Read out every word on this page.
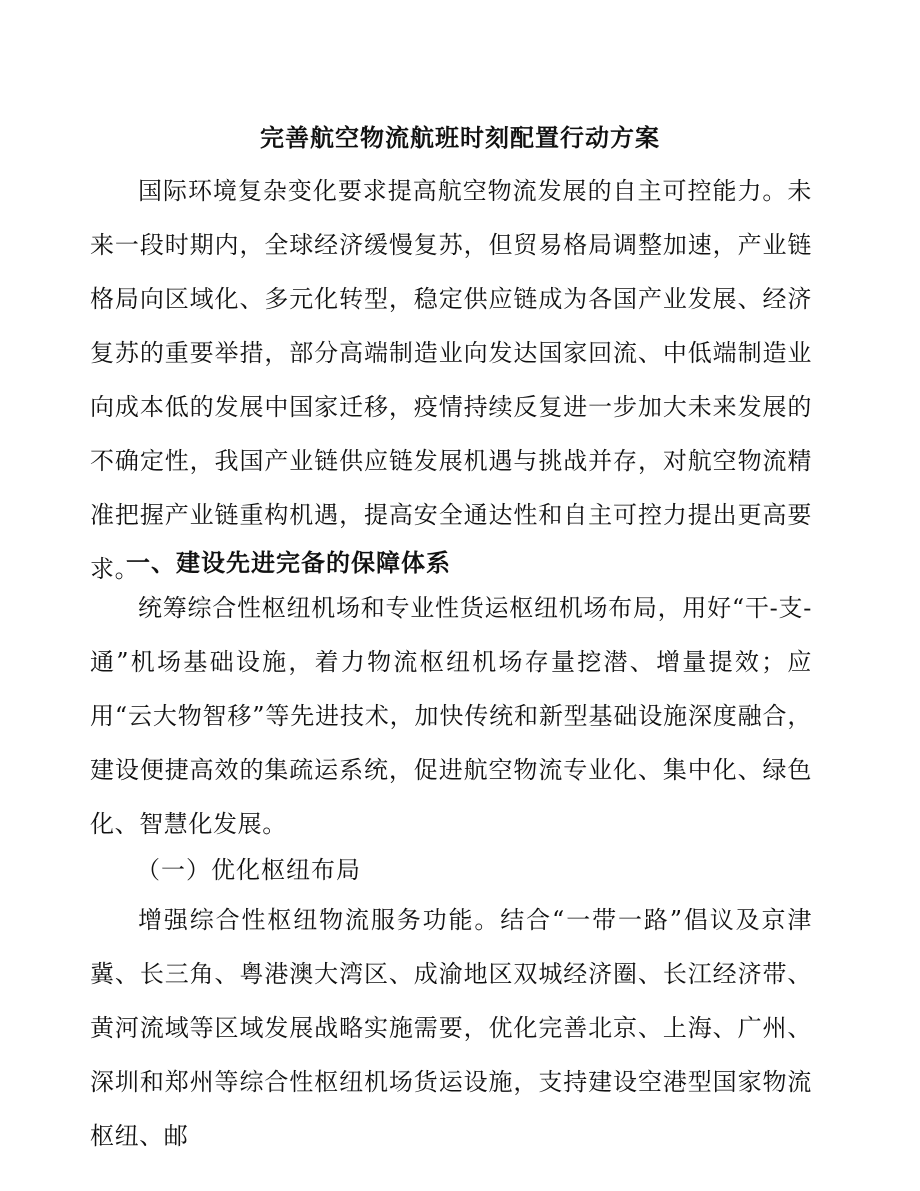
完善航空物流航班时刻配置行动方案

国际环境复杂变化要求提高航空物流发展的自主可控能力。未来一段时期内，全球经济缓慢复苏，但贸易格局调整加速，产业链格局向区域化、多元化转型，稳定供应链成为各国产业发展、经济复苏的重要举措，部分高端制造业向发达国家回流、中低端制造业向成本低的发展中国家迁移，疫情持续反复进一步加大未来发展的不确定性，我国产业链供应链发展机遇与挑战并存，对航空物流精准把握产业链重构机遇，提高安全通达性和自主可控力提出更高要求。

一、建设先进完备的保障体系

统筹综合性枢纽机场和专业性货运枢纽机场布局，用好“干-支-通”机场基础设施，着力物流枢纽机场存量挖潜、增量提效；应用“云大物智移”等先进技术，加快传统和新型基础设施深度融合，建设便捷高效的集疏运系统，促进航空物流专业化、集中化、绿色化、智慧化发展。

（一）优化枢纽布局

增强综合性枢纽物流服务功能。结合“一带一路”倡议及京津冀、长三角、粤港澳大湾区、成渝地区双城经济圈、长江经济带、黄河流域等区域发展战略实施需要，优化完善北京、上海、广州、深圳和郑州等综合性枢纽机场货运设施，支持建设空港型国家物流枢纽、邮
